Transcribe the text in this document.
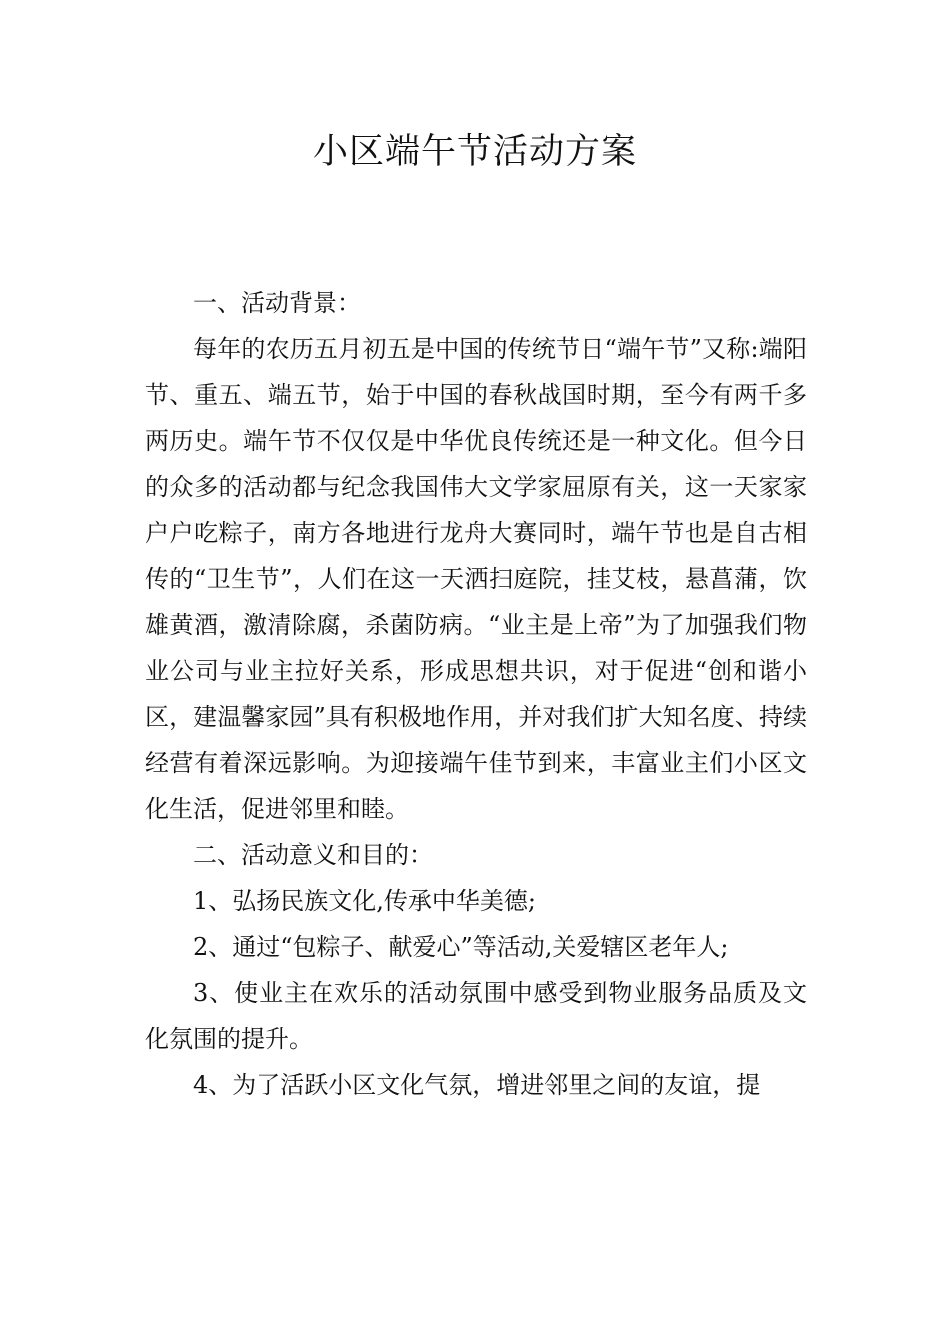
小区端午节活动方案

一、活动背景：

每年的农历五月初五是中国的传统节日“端午节”又称:端阳节、重五、端五节，始于中国的春秋战国时期，至今有两千多两历史。端午节不仅仅是中华优良传统还是一种文化。但今日的众多的活动都与纪念我国伟大文学家屈原有关，这一天家家户户吃粽子，南方各地进行龙舟大赛同时，端午节也是自古相传的“卫生节”，人们在这一天洒扫庭院，挂艾枝，悬菖蒲，饮雄黄酒，激清除腐，杀菌防病。“业主是上帝”为了加强我们物业公司与业主拉好关系，形成思想共识，对于促进“创和谐小区，建温馨家园”具有积极地作用，并对我们扩大知名度、持续经营有着深远影响。为迎接端午佳节到来，丰富业主们小区文化生活，促进邻里和睦。

二、活动意义和目的：

1、弘扬民族文化,传承中华美德;

2、通过“包粽子、献爱心”等活动,关爱辖区老年人;

3、使业主在欢乐的活动氛围中感受到物业服务品质及文化氛围的提升。

4、为了活跃小区文化气氛，增进邻里之间的友谊，提
